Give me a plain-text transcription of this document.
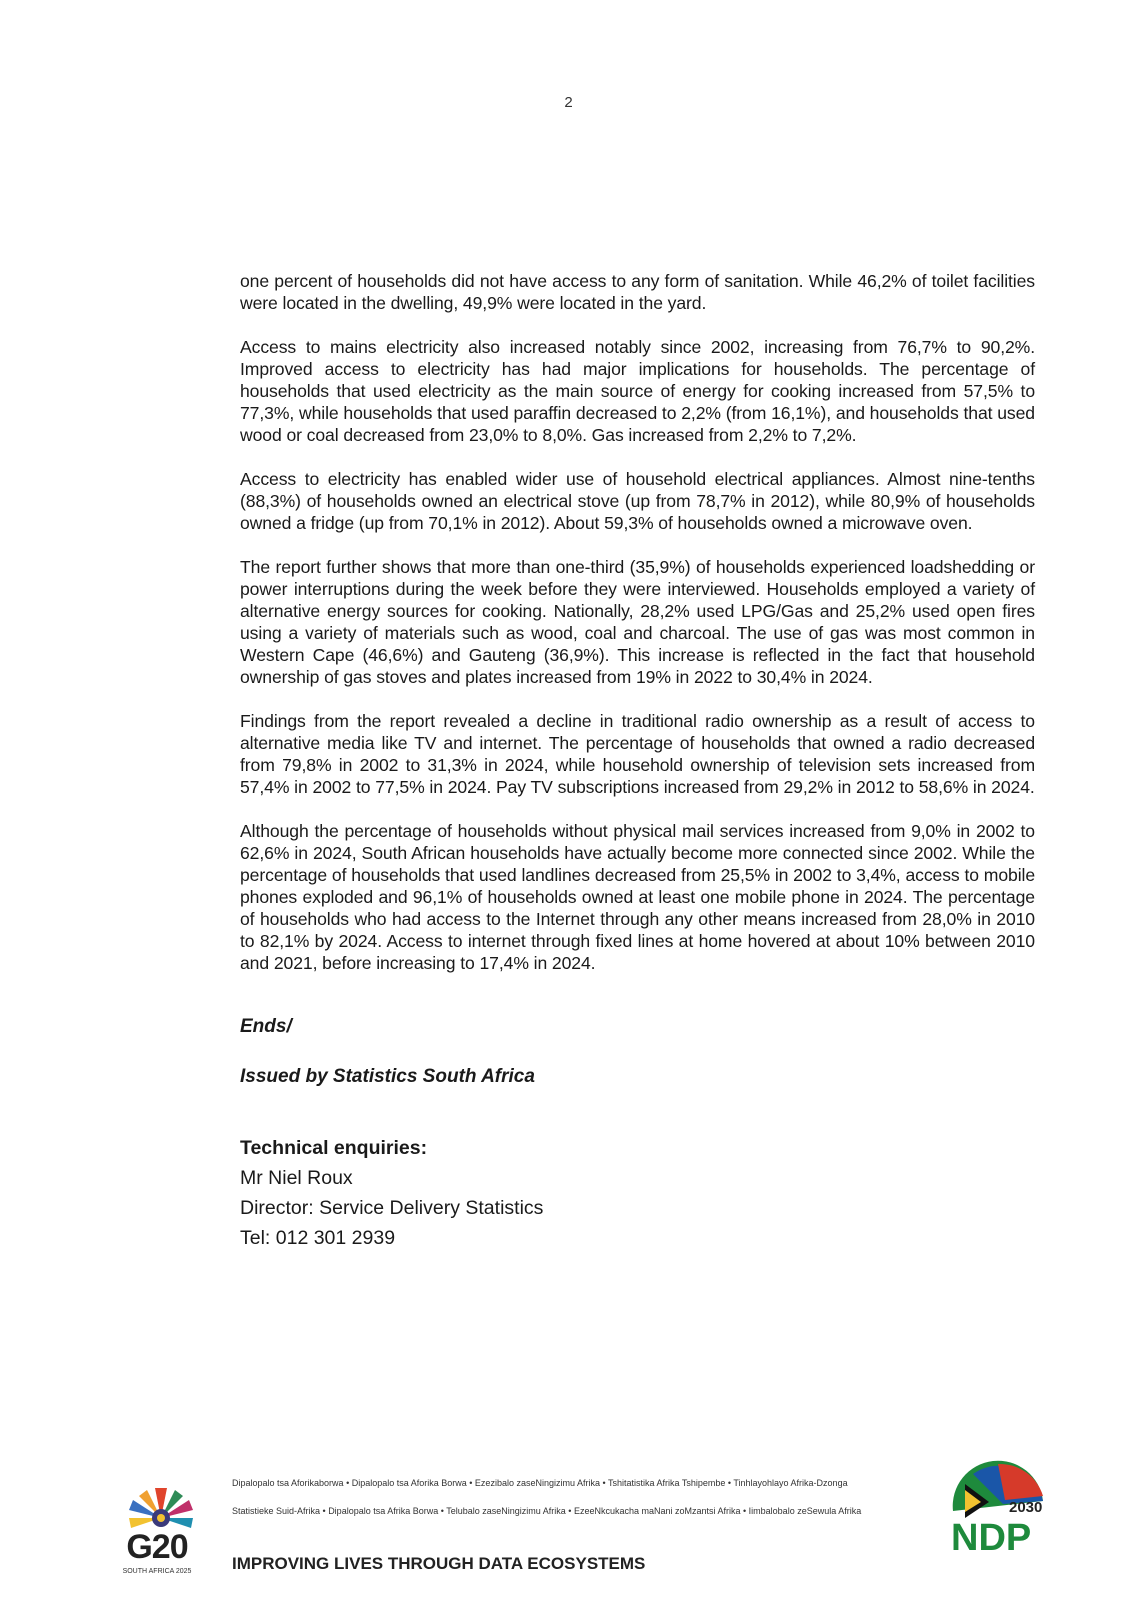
2

one percent of households did not have access to any form of sanitation. While 46,2% of toilet facilities were located in the dwelling, 49,9% were located in the yard.

Access to mains electricity also increased notably since 2002, increasing from 76,7% to 90,2%. Improved access to electricity has had major implications for households. The percentage of households that used electricity as the main source of energy for cooking increased from 57,5% to 77,3%, while households that used paraffin decreased to 2,2% (from 16,1%), and households that used wood or coal decreased from 23,0% to 8,0%. Gas increased from 2,2% to 7,2%.

Access to electricity has enabled wider use of household electrical appliances. Almost nine-tenths (88,3%) of households owned an electrical stove (up from 78,7% in 2012), while 80,9% of households owned a fridge (up from 70,1% in 2012). About 59,3% of households owned a microwave oven.

The report further shows that more than one-third (35,9%) of households experienced loadshedding or power interruptions during the week before they were interviewed. Households employed a variety of alternative energy sources for cooking. Nationally, 28,2% used LPG/Gas and 25,2% used open fires using a variety of materials such as wood, coal and charcoal. The use of gas was most common in Western Cape (46,6%) and Gauteng (36,9%). This increase is reflected in the fact that household ownership of gas stoves and plates increased from 19% in 2022 to 30,4% in 2024.

Findings from the report revealed a decline in traditional radio ownership as a result of access to alternative media like TV and internet. The percentage of households that owned a radio decreased from 79,8% in 2002 to 31,3% in 2024, while household ownership of television sets increased from 57,4% in 2002 to 77,5% in 2024. Pay TV subscriptions increased from 29,2% in 2012 to 58,6% in 2024.

Although the percentage of households without physical mail services increased from 9,0% in 2002 to 62,6% in 2024, South African households have actually become more connected since 2002. While the percentage of households that used landlines decreased from 25,5% in 2002 to 3,4%, access to mobile phones exploded and 96,1% of households owned at least one mobile phone in 2024. The percentage of households who had access to the Internet through any other means increased from 28,0% in 2010 to 82,1% by 2024. Access to internet through fixed lines at home hovered at about 10% between 2010 and 2021, before increasing to 17,4% in 2024.

Ends/

Issued by Statistics South Africa

Technical enquiries:

Mr Niel Roux

Director: Service Delivery Statistics

Tel: 012 301 2939

G20
SOUTH AFRICA 2025
Dipalopalo tsa Aforikaborwa • Dipalopalo tsa Aforika Borwa • Ezezibalo zaseNingizimu Afrika • Tshitatistika Afrika Tshipembe • Tinhlayohlayo Afrika-Dzonga
Statistieke Suid-Afrika • Dipalopalo tsa Afrika Borwa • Telubalo zaseNingizimu Afrika • EzeeNkcukacha maNani zoMzantsi Afrika • Iimbalobalo zeSewula Afrika
IMPROVING LIVES THROUGH DATA ECOSYSTEMS
2030
NDP
